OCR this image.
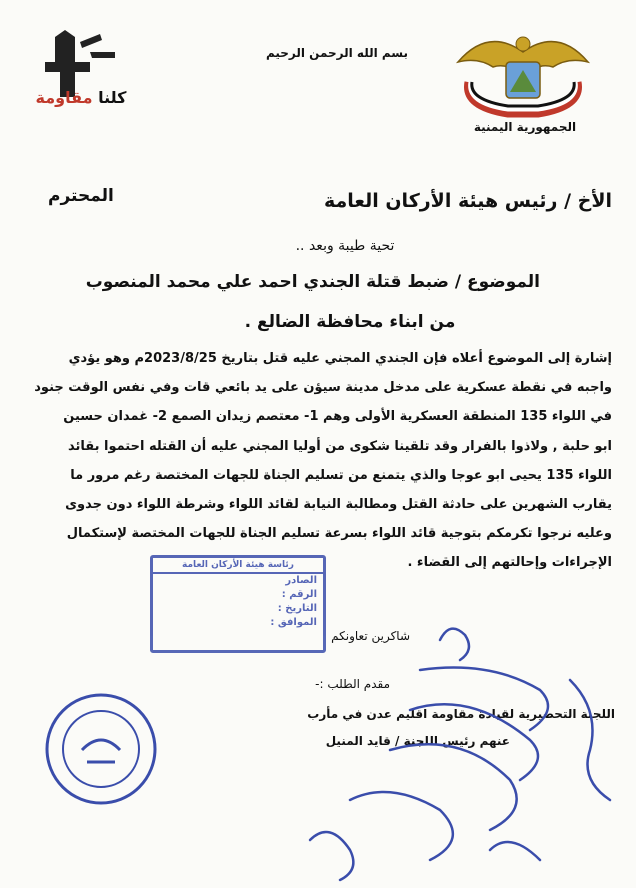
الجمهورية اليمنية
بسم الله الرحمن الرحيم
كلنا مقاومة
الأخ / رئيس هيئة الأركان العامة
المحترم
تحية طيبة وبعد ..
الموضوع / ضبط قتلة الجندي احمد علي محمد المنصوب
من ابناء محافظة الضالع .
إشارة إلى الموضوع أعلاه فإن الجندي المجني عليه قتل بتاريخ 2023/8/25م وهو يؤدي
واجبه في نقطة عسكرية على مدخل مدينة سيؤن على يد بائعي قات وفي نفس الوقت جنود
في اللواء 135 المنطقة العسكرية الأولى وهم 1- معتصم زيدان الصمع 2- غمدان حسين
ابو حلبة , ولاذوا بالفرار وقد تلقينا شكوى من أوليا المجني عليه أن القتله احتموا بقائد
اللواء 135 يحيى ابو عوجا والذي يتمنع من تسليم الجناة للجهات المختصة رغم مرور ما
يقارب الشهرين على حادثة القتل ومطالبة النيابة لقائد اللواء وشرطة اللواء دون جدوى
وعليه نرجوا تكرمكم بتوجية قائد اللواء بسرعة تسليم الجناة للجهات المختصة لإستكمال
الإجراءات وإحالتهم إلى القضاء .
شاكرين تعاونكم
مقدم الطلب :-
اللجنة التحضيرية لقيادة مقاومة اقليم عدن في مأرب
عنهم رئيس اللجنة / قايد المنيل
رئاسة هيئة الأركان العامة
الصادر
الرقم :
التاريخ :
الموافق :
